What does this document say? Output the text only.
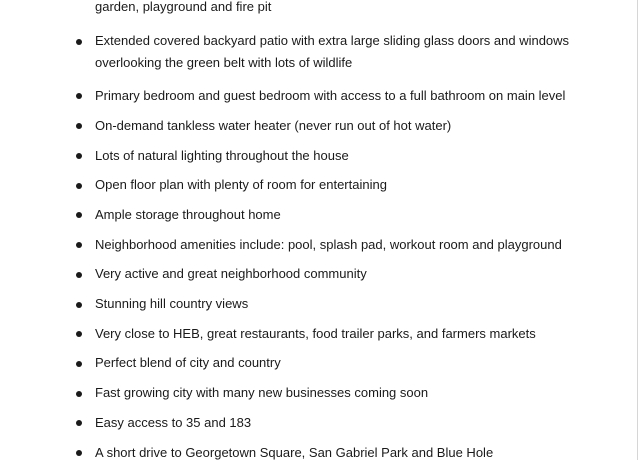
garden, playground and fire pit
Extended covered backyard patio with extra large sliding glass doors and windows overlooking the green belt with lots of wildlife
Primary bedroom and guest bedroom with access to a full bathroom on main level
On-demand tankless water heater (never run out of hot water)
Lots of natural lighting throughout the house
Open floor plan with plenty of room for entertaining
Ample storage throughout home
Neighborhood amenities include: pool, splash pad, workout room and playground
Very active and great neighborhood community
Stunning hill country views
Very close to HEB, great restaurants, food trailer parks, and farmers markets
Perfect blend of city and country
Fast growing city with many new businesses coming soon
Easy access to 35 and 183
A short drive to Georgetown Square, San Gabriel Park and Blue Hole
